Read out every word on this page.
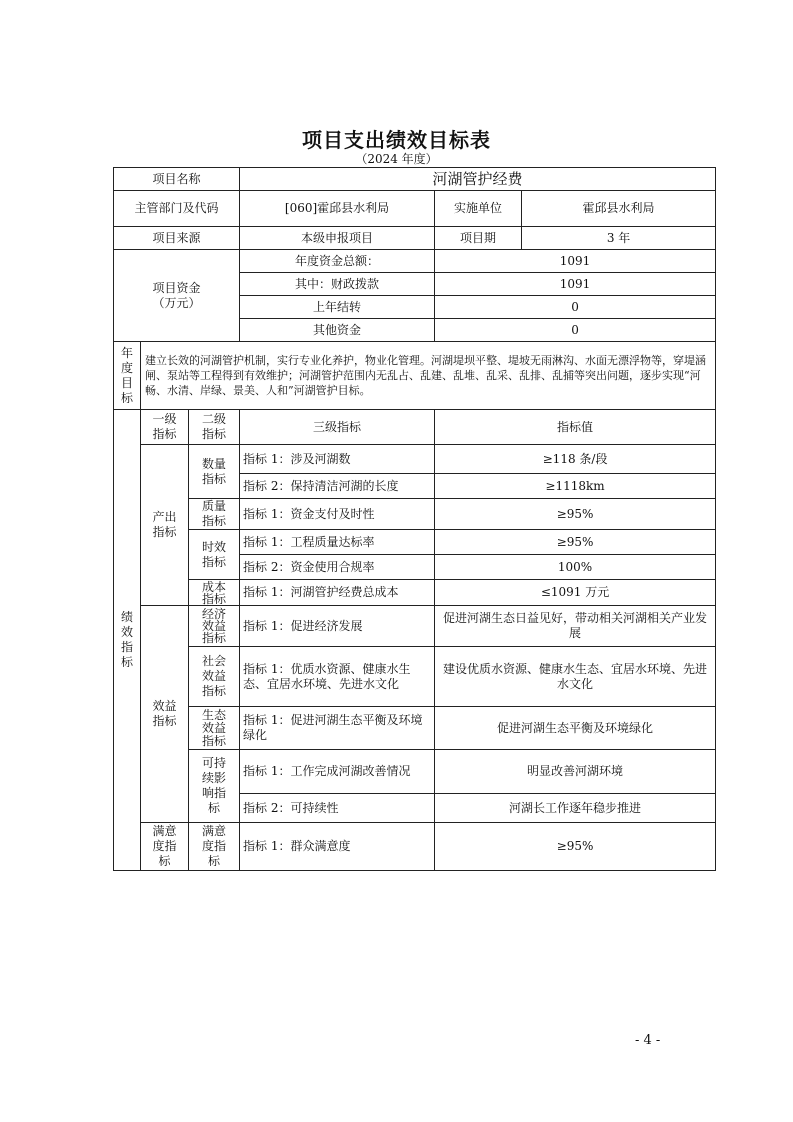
项目支出绩效目标表
（2024 年度）
项目名称			河湖管护经费		
主管部门及代码			[060]霍邱县水利局	实施单位	霍邱县水利局
项目来源			本级申报项目	项目期	3 年

项目资金
（万元）			年度资金总额：	1091	
			其中：财政拨款	1091	
			上年结转	0	
			其他资金	0	
年度目标	建立长效的河湖管护机制，实行专业化养护，物业化管理。河湖堤坝平整、堤坡无雨淋沟、水面无漂浮物等，穿堤涵闸、泵站等工程得到有效维护；河湖管护范围内无乱占、乱建、乱堆、乱采、乱排、乱捕等突出问题，逐步实现“河畅、水清、岸绿、景美、人和”河湖管护目标。				
绩效指标	一级指标	二级指标	三级指标	指标值	
	产出指标	数量指标	指标 1：涉及河湖数	≥118 条/段	
			指标 2：保持清洁河湖的长度	≥1118km	
		质量指标	指标 1：资金支付及时性	≥95%	
		时效指标	指标 1：工程质量达标率	≥95%	
			指标 2：资金使用合规率	100%	
		成本指标	指标 1：河湖管护经费总成本	≤1091 万元	
	效益指标	经济效益指标	指标 1：促进经济发展	促进河湖生态日益见好，带动相关河湖相关产业发展	
		社会效益指标	指标 1：优质水资源、健康水生态、宜居水环境、先进水文化	建设优质水资源、健康水生态、宜居水环境、先进水文化	
		生态效益指标	指标 1：促进河湖生态平衡及环境绿化	促进河湖生态平衡及环境绿化	
		可持续影响指标	指标 1：工作完成河湖改善情况	明显改善河湖环境	
			指标 2：可持续性	河湖长工作逐年稳步推进	
	满意度指标	满意度指标	指标 1：群众满意度	≥95%	
- 4 -
